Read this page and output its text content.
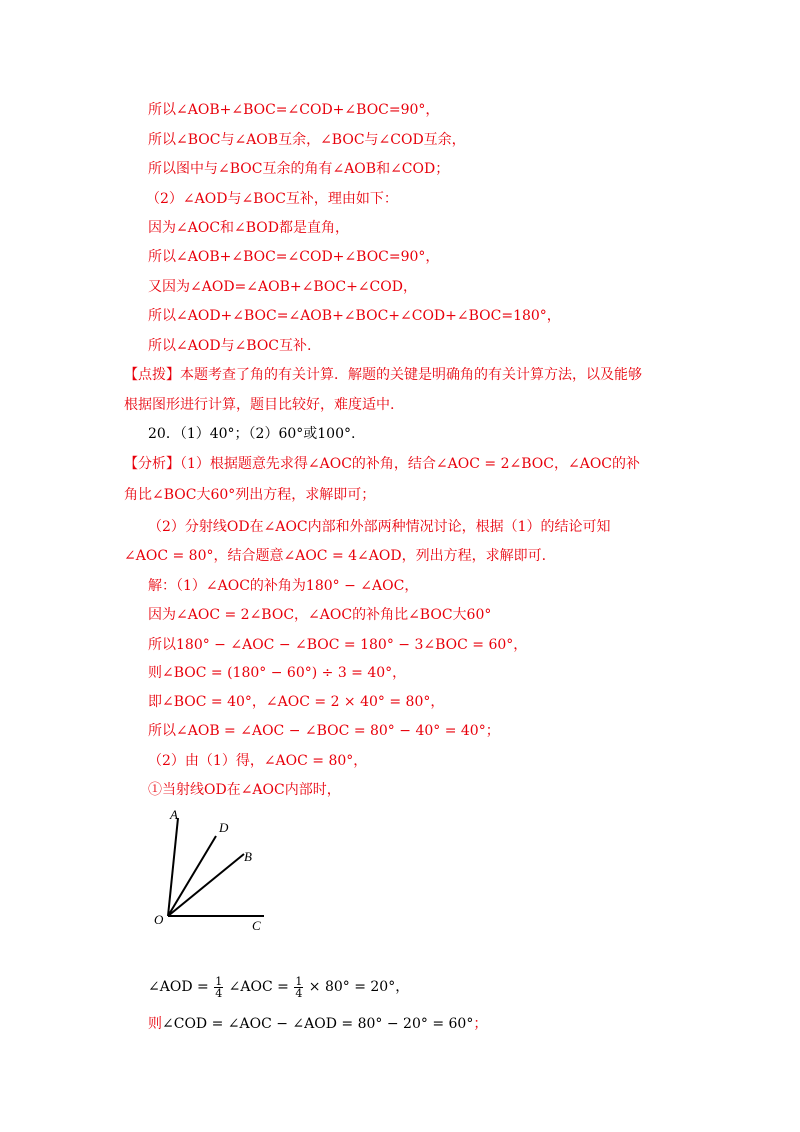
所以∠AOB+∠BOC=∠COD+∠BOC=90°，
所以∠BOC与∠AOB互余，∠BOC与∠COD互余，
所以图中与∠BOC互余的角有∠AOB和∠COD；
（2）∠AOD与∠BOC互补，理由如下：
因为∠AOC和∠BOD都是直角，
所以∠AOB+∠BOC=∠COD+∠BOC=90°，
又因为∠AOD=∠AOB+∠BOC+∠COD，
所以∠AOD+∠BOC=∠AOB+∠BOC+∠COD+∠BOC=180°，
所以∠AOD与∠BOC互补.
【点拨】本题考查了角的有关计算．解题的关键是明确角的有关计算方法，以及能够
根据图形进行计算，题目比较好，难度适中.
20．（1）40°；（2）60°或100°.
【分析】（1）根据题意先求得∠AOC的补角，结合∠AOC = 2∠BOC，∠AOC的补
角比∠BOC大60°列出方程，求解即可；
（2）分射线OD在∠AOC内部和外部两种情况讨论，根据（1）的结论可知
∠AOC = 80°，结合题意∠AOC = 4∠AOD，列出方程，求解即可.
解：（1）∠AOC的补角为180° − ∠AOC，
因为∠AOC = 2∠BOC，∠AOC的补角比∠BOC大60°
所以180° − ∠AOC − ∠BOC = 180° − 3∠BOC = 60°，
则∠BOC = (180° − 60°) ÷ 3 = 40°，
即∠BOC = 40°，∠AOC = 2 × 40° = 80°，
所以∠AOB = ∠AOC − ∠BOC = 80° − 40° = 40°；
（2）由（1）得，∠AOC = 80°，
①当射线OD在∠AOC内部时，
A
D
B
O	C
∠AOD = $\frac{1}{4}$ ∠AOC = $\frac{1}{4} \times 80^\circ = 20^\circ$，
则∠COD = ∠AOC − ∠AOD = 80° − 20° = 60°；
